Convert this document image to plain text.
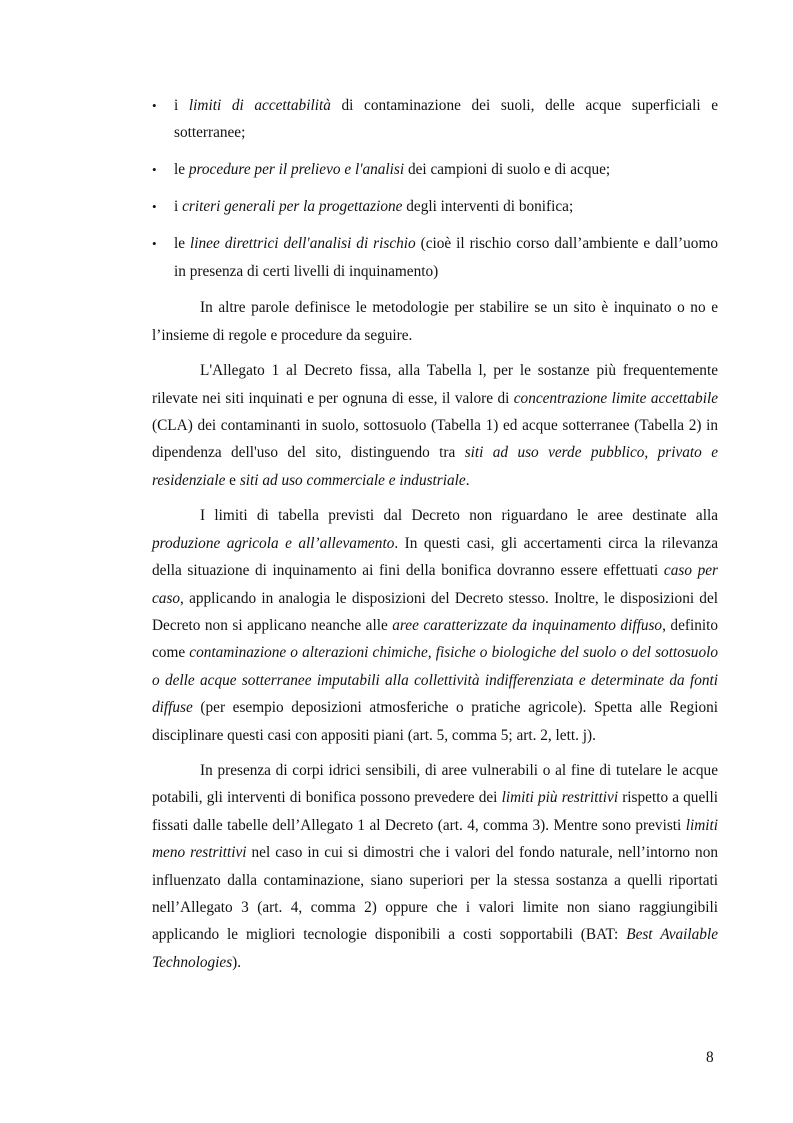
• i limiti di accettabilità di contaminazione dei suoli, delle acque superficiali e sotterranee;
• le procedure per il prelievo e l'analisi dei campioni di suolo e di acque;
• i criteri generali per la progettazione degli interventi di bonifica;
• le linee direttrici dell'analisi di rischio (cioè il rischio corso dall’ambiente e dall’uomo in presenza di certi livelli di inquinamento)

In altre parole definisce le metodologie per stabilire se un sito è inquinato o no e l’insieme di regole e procedure da seguire.

L'Allegato 1 al Decreto fissa, alla Tabella l, per le sostanze più frequentemente rilevate nei siti inquinati e per ognuna di esse, il valore di concentrazione limite accettabile (CLA) dei contaminanti in suolo, sottosuolo (Tabella 1) ed acque sotterranee (Tabella 2) in dipendenza dell'uso del sito, distinguendo tra siti ad uso verde pubblico, privato e residenziale e siti ad uso commerciale e industriale.

I limiti di tabella previsti dal Decreto non riguardano le aree destinate alla produzione agricola e all’allevamento. In questi casi, gli accertamenti circa la rilevanza della situazione di inquinamento ai fini della bonifica dovranno essere effettuati caso per caso, applicando in analogia le disposizioni del Decreto stesso. Inoltre, le disposizioni del Decreto non si applicano neanche alle aree caratterizzate da inquinamento diffuso, definito come contaminazione o alterazioni chimiche, fisiche o biologiche del suolo o del sottosuolo o delle acque sotterranee imputabili alla collettività indifferenziata e determinate da fonti diffuse (per esempio deposizioni atmosferiche o pratiche agricole). Spetta alle Regioni disciplinare questi casi con appositi piani (art. 5, comma 5; art. 2, lett. j).

In presenza di corpi idrici sensibili, di aree vulnerabili o al fine di tutelare le acque potabili, gli interventi di bonifica possono prevedere dei limiti più restrittivi rispetto a quelli fissati dalle tabelle dell’Allegato 1 al Decreto (art. 4, comma 3). Mentre sono previsti limiti meno restrittivi nel caso in cui si dimostri che i valori del fondo naturale, nell’intorno non influenzato dalla contaminazione, siano superiori per la stessa sostanza a quelli riportati nell’Allegato 3 (art. 4, comma 2) oppure che i valori limite non siano raggiungibili applicando le migliori tecnologie disponibili a costi sopportabili (BAT: Best Available Technologies).

8
